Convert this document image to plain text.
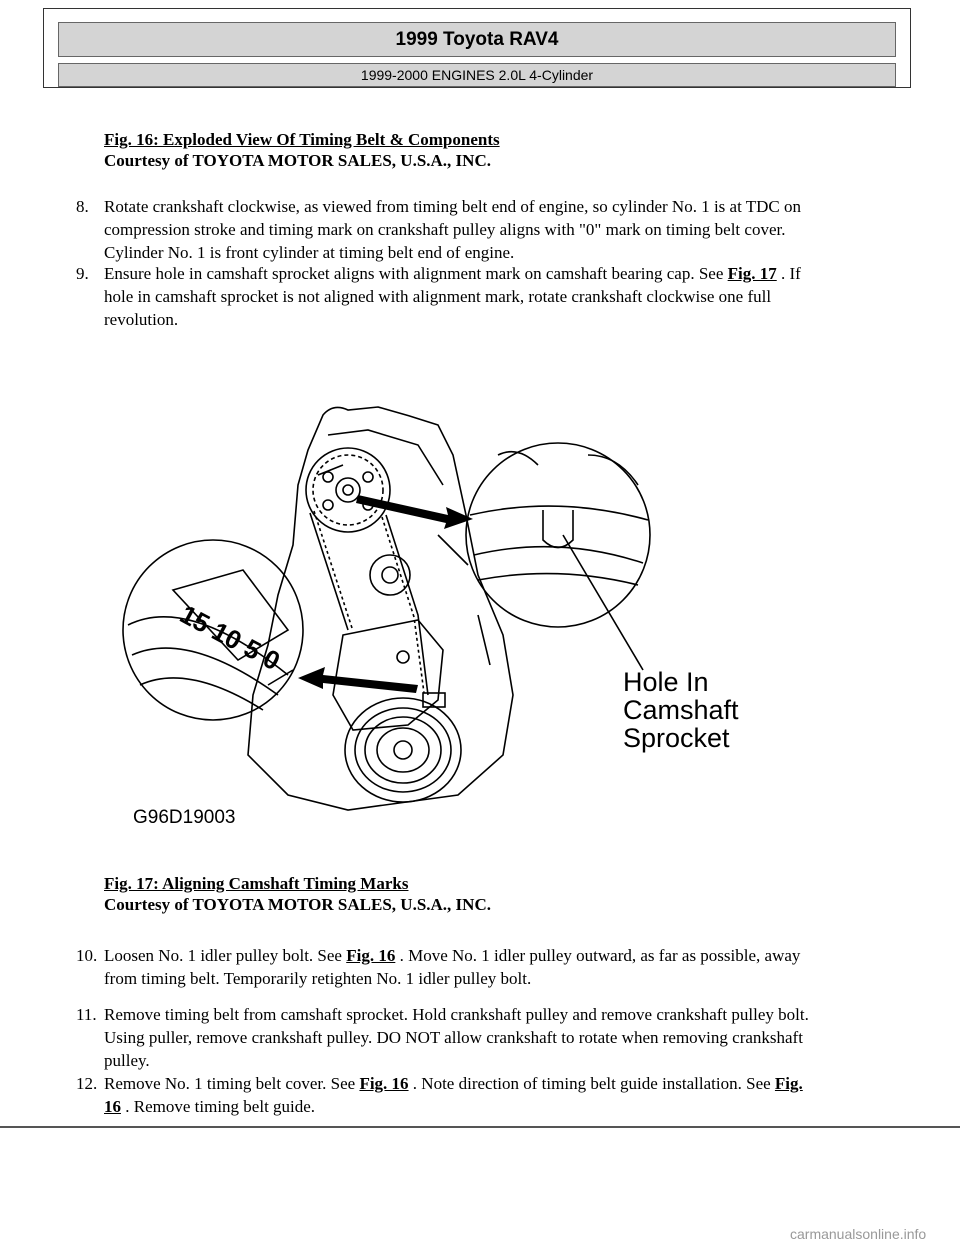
1999 Toyota RAV4
1999-2000 ENGINES 2.0L 4-Cylinder
Fig. 16: Exploded View Of Timing Belt & Components
Courtesy of TOYOTA MOTOR SALES, U.S.A., INC.
8. Rotate crankshaft clockwise, as viewed from timing belt end of engine, so cylinder No. 1 is at TDC on
compression stroke and timing mark on crankshaft pulley aligns with "0" mark on timing belt cover.
Cylinder No. 1 is front cylinder at timing belt end of engine.
9. Ensure hole in camshaft sprocket aligns with alignment mark on camshaft bearing cap. See Fig. 17 . If
hole in camshaft sprocket is not aligned with alignment mark, rotate crankshaft clockwise one full
revolution.
15 10 5 0
Hole In
Camshaft
Sprocket
G96D19003
Fig. 17: Aligning Camshaft Timing Marks
Courtesy of TOYOTA MOTOR SALES, U.S.A., INC.
10. Loosen No. 1 idler pulley bolt. See Fig. 16 . Move No. 1 idler pulley outward, as far as possible, away
from timing belt. Temporarily retighten No. 1 idler pulley bolt.
11. Remove timing belt from camshaft sprocket. Hold crankshaft pulley and remove crankshaft pulley bolt.
Using puller, remove crankshaft pulley. DO NOT allow crankshaft to rotate when removing crankshaft
pulley.
12. Remove No. 1 timing belt cover. See Fig. 16 . Note direction of timing belt guide installation. See Fig.
16 . Remove timing belt guide.
carmanualsonline.info
